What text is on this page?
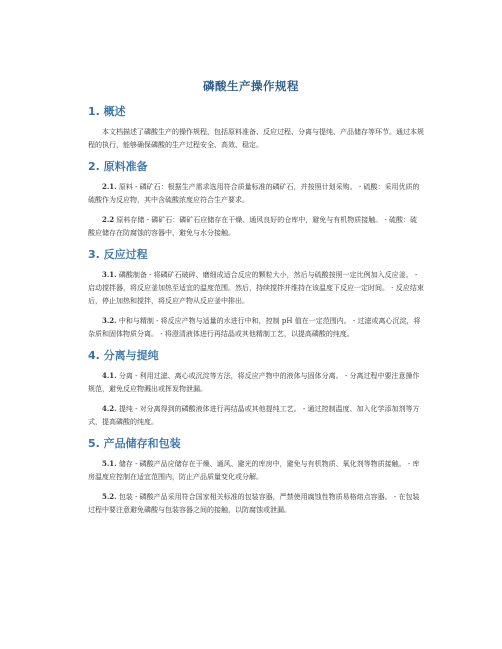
磷酸生产操作规程
1. 概述

本文档描述了磷酸生产的操作规程，包括原料准备、反应过程、分离与提纯、产品储存等环节。通过本规程的执行，能够确保磷酸的生产过程安全、高效、稳定。

2. 原料准备

2.1. 原料 - 磷矿石：根据生产需求选用符合质量标准的磷矿石，并按照计划采购。 - 硫酸：采用优质的硫酸作为反应物，其中含硫酸浓度应符合生产要求。

2.2 原料存储 - 磷矿石：磷矿石应储存在干燥、通风良好的仓库中，避免与有机物质接触。 - 硫酸：硫酸应储存在防腐蚀的容器中，避免与水分接触。

3. 反应过程

3.1. 磷酸制备 - 将磷矿石破碎、磨细成适合反应的颗粒大小，然后与硫酸按照一定比例加入反应釜。 - 启动搅拌器，将反应釜加热至适宜的温度范围。然后，持续搅拌并维持在该温度下反应一定时间。 - 反应结束后，停止加热和搅拌，将反应产物从反应釜中排出。

3.2. 中和与精制 - 将反应产物与适量的水进行中和，控制 pH 值在一定范围内。 - 过滤或离心沉淀，将杂质和固体物质分离。 - 将澄清液体进行再结晶或其他精制工艺，以提高磷酸的纯度。

4. 分离与提纯

4.1. 分离 - 利用过滤、离心或沉淀等方法，将反应产物中的液体与固体分离。 - 分离过程中要注意操作规范，避免反应物溅出或挥发物泄漏。

4.2. 提纯 - 对分离得到的磷酸液体进行再结晶或其他提纯工艺。 - 通过控制温度、加入化学添加剂等方式，提高磷酸的纯度。

5. 产品储存和包装

5.1. 储存 - 磷酸产品应储存在干燥、通风、避光的库房中，避免与有机物质、氧化剂等物质接触。 - 库房温度应控制在适宜范围内，防止产品质量变化或分解。

5.2. 包装 - 磷酸产品采用符合国家相关标准的包装容器，严禁使用腐蚀性物质易格熔点容器。 - 在包装过程中要注意避免磷酸与包装容器之间的接触，以防腐蚀或泄漏。
